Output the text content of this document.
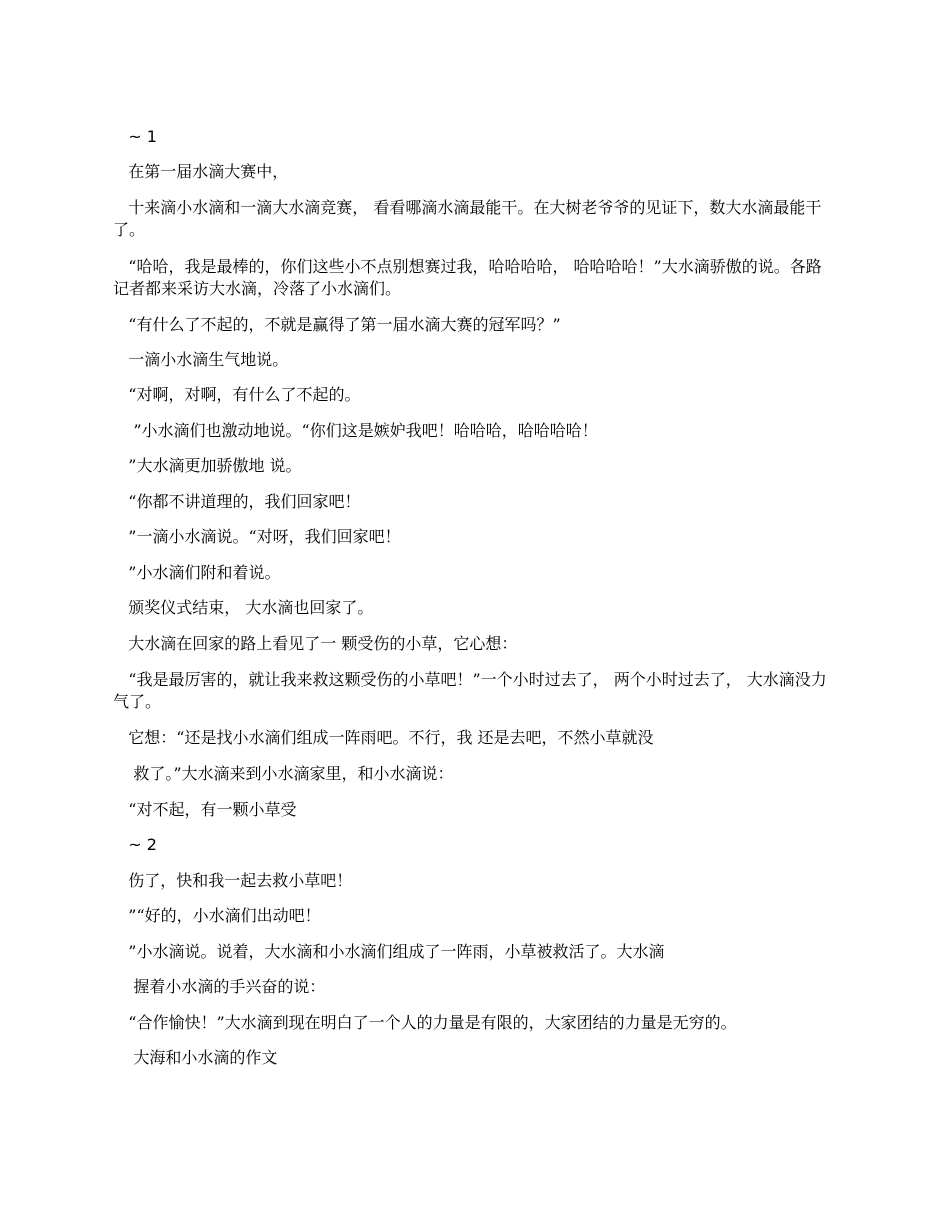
~ 1
在第一届水滴大赛中，
十来滴小水滴和一滴大水滴竞赛， 看看哪滴水滴最能干。在大树老爷爷的见证下，数大水滴最能干了。
“哈哈，我是最棒的，你们这些小不点别想赛过我，哈哈哈哈， 哈哈哈哈！”大水滴骄傲的说。各路记者都来采访大水滴，冷落了小水滴们。
“有什么了不起的，不就是赢得了第一届水滴大赛的冠军吗？”
一滴小水滴生气地说。
“对啊，对啊，有什么了不起的。
”小水滴们也激动地说。“你们这是嫉妒我吧！哈哈哈，哈哈哈哈！
”大水滴更加骄傲地 说。
“你都不讲道理的，我们回家吧！
”一滴小水滴说。“对呀，我们回家吧！
”小水滴们附和着说。
颁奖仪式结束， 大水滴也回家了。
大水滴在回家的路上看见了一 颗受伤的小草，它心想：
“我是最厉害的，就让我来救这颗受伤的小草吧！”一个小时过去了， 两个小时过去了， 大水滴没力气了。
它想：“还是找小水滴们组成一阵雨吧。不行，我 还是去吧，不然小草就没
救了。”大水滴来到小水滴家里，和小水滴说：
“对不起，有一颗小草受
~ 2
伤了，快和我一起去救小草吧！
”“好的，小水滴们出动吧！
”小水滴说。说着，大水滴和小水滴们组成了一阵雨，小草被救活了。大水滴
握着小水滴的手兴奋的说：
“合作愉快！”大水滴到现在明白了一个人的力量是有限的，大家团结的力量是无穷的。
大海和小水滴的作文
